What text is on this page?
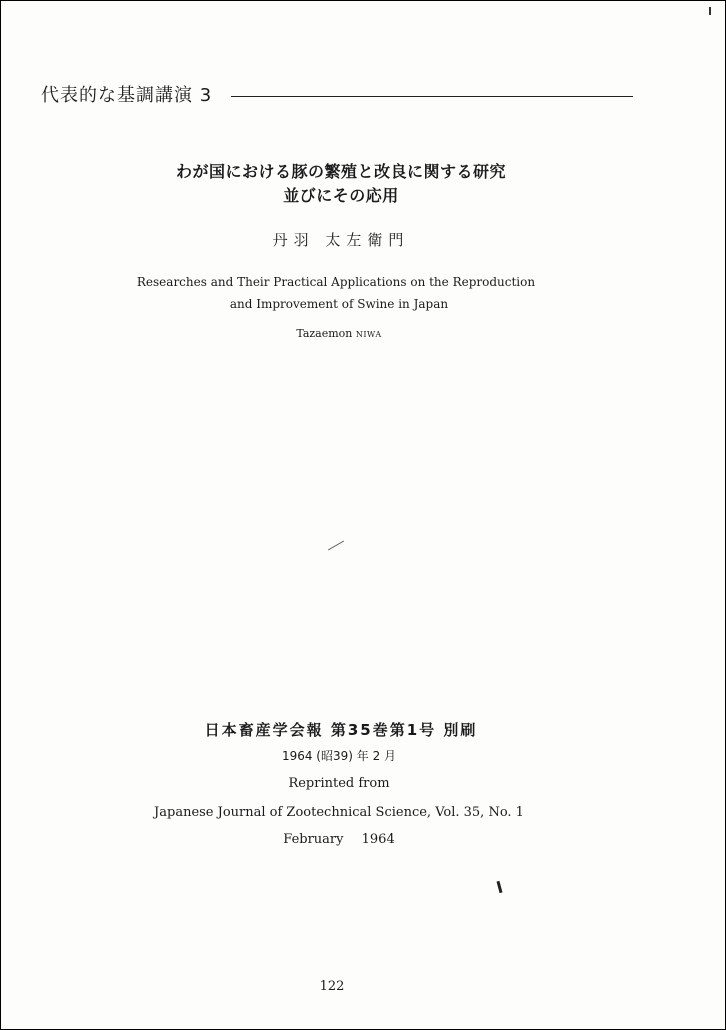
代表的な基調講演 3
わが国における豚の繁殖と改良に関する研究
並びにその応用
丹羽 太左衛門
Researches and Their Practical Applications on the Reproduction
and Improvement of Swine in Japan
Tazaemon NIWA
日本畜産学会報 第35巻第1号 別刷
1964 (昭39) 年 2 月
Reprinted from
Japanese Journal of Zootechnical Science, Vol. 35, No. 1
February 1964
122
